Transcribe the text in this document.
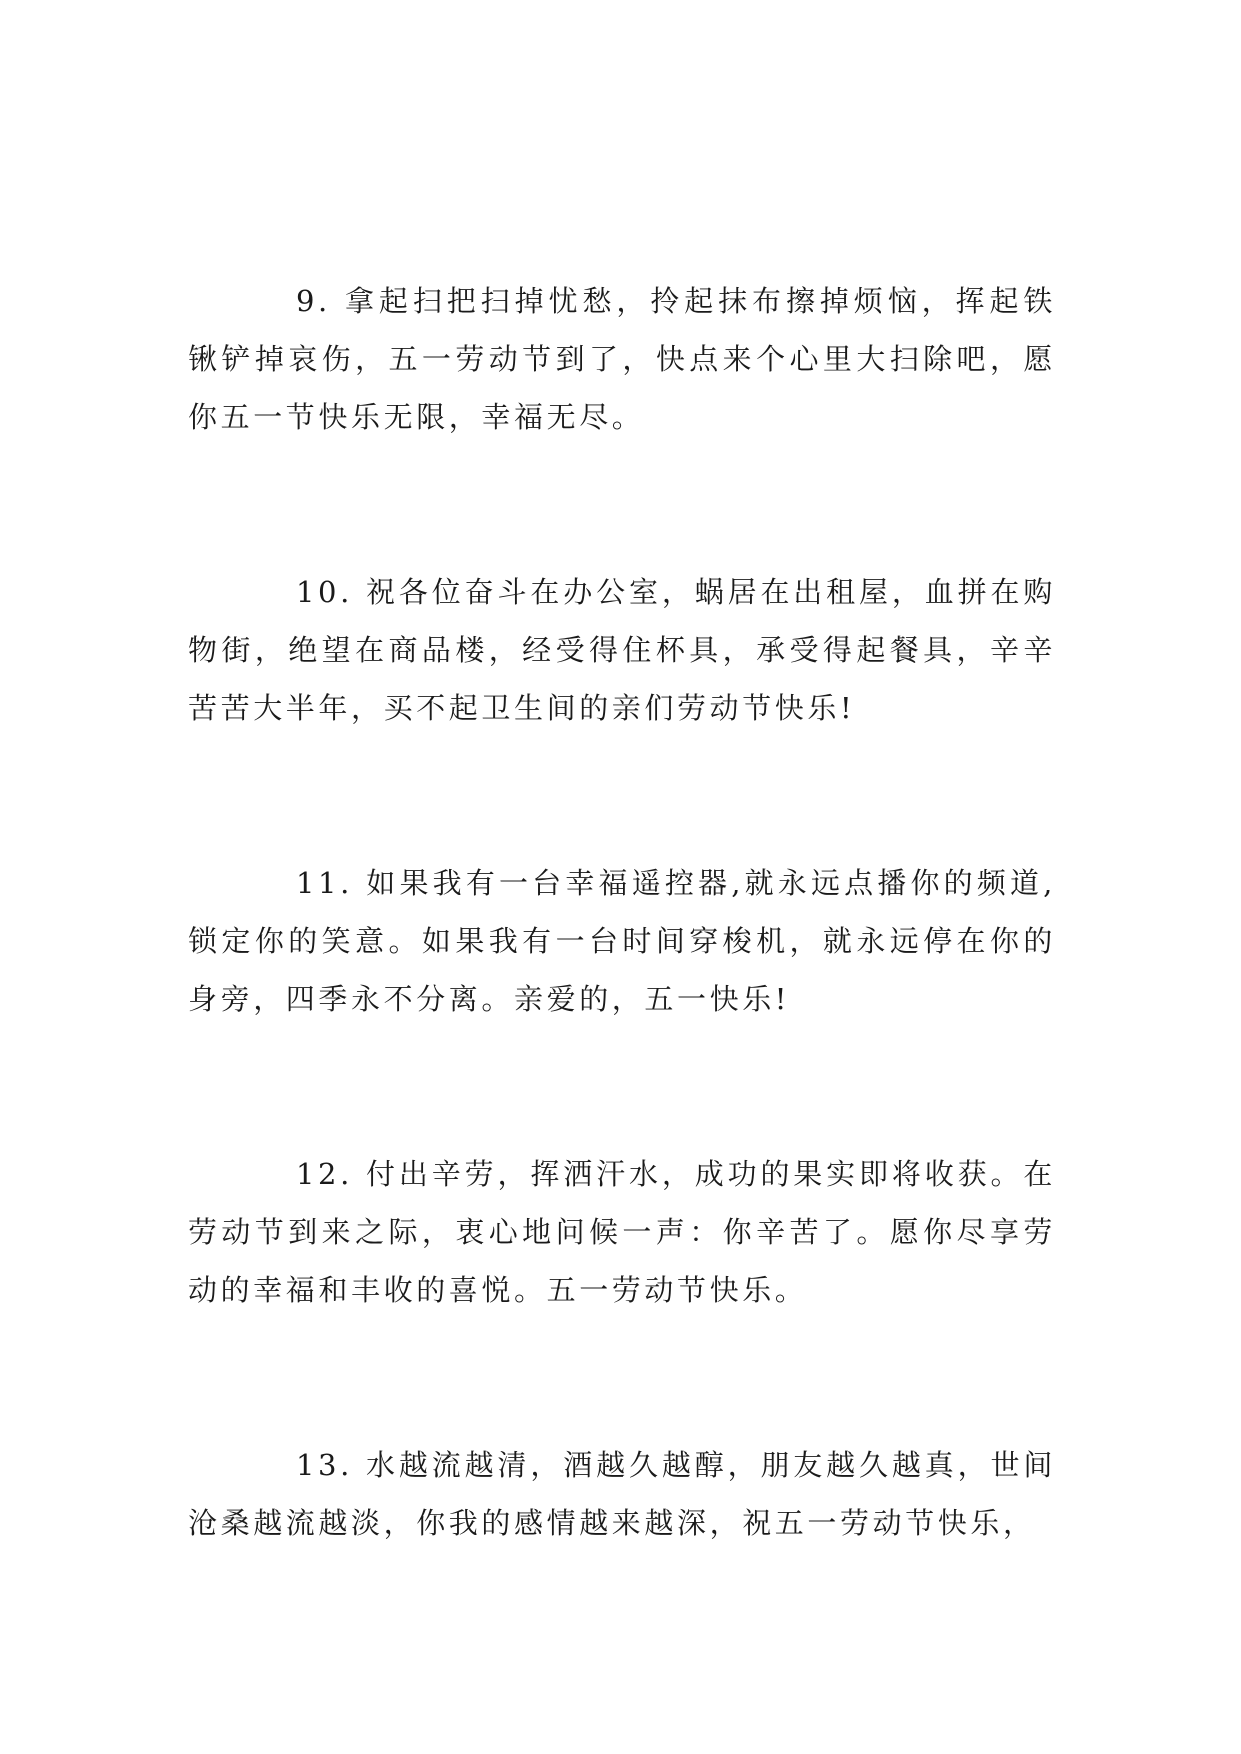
9. 拿起扫把扫掉忧愁，拎起抹布擦掉烦恼，挥起铁锹铲掉哀伤，五一劳动节到了，快点来个心里大扫除吧，愿你五一节快乐无限，幸福无尽。

10. 祝各位奋斗在办公室，蜗居在出租屋，血拼在购物街，绝望在商品楼，经受得住杯具，承受得起餐具，辛辛苦苦大半年，买不起卫生间的亲们劳动节快乐!

11. 如果我有一台幸福遥控器,就永远点播你的频道,锁定你的笑意。如果我有一台时间穿梭机，就永远停在你的身旁，四季永不分离。亲爱的，五一快乐!

12. 付出辛劳，挥洒汗水，成功的果实即将收获。在劳动节到来之际，衷心地问候一声：你辛苦了。愿你尽享劳动的幸福和丰收的喜悦。五一劳动节快乐。

13. 水越流越清，酒越久越醇，朋友越久越真，世间沧桑越流越淡，你我的感情越来越深，祝五一劳动节快乐，
